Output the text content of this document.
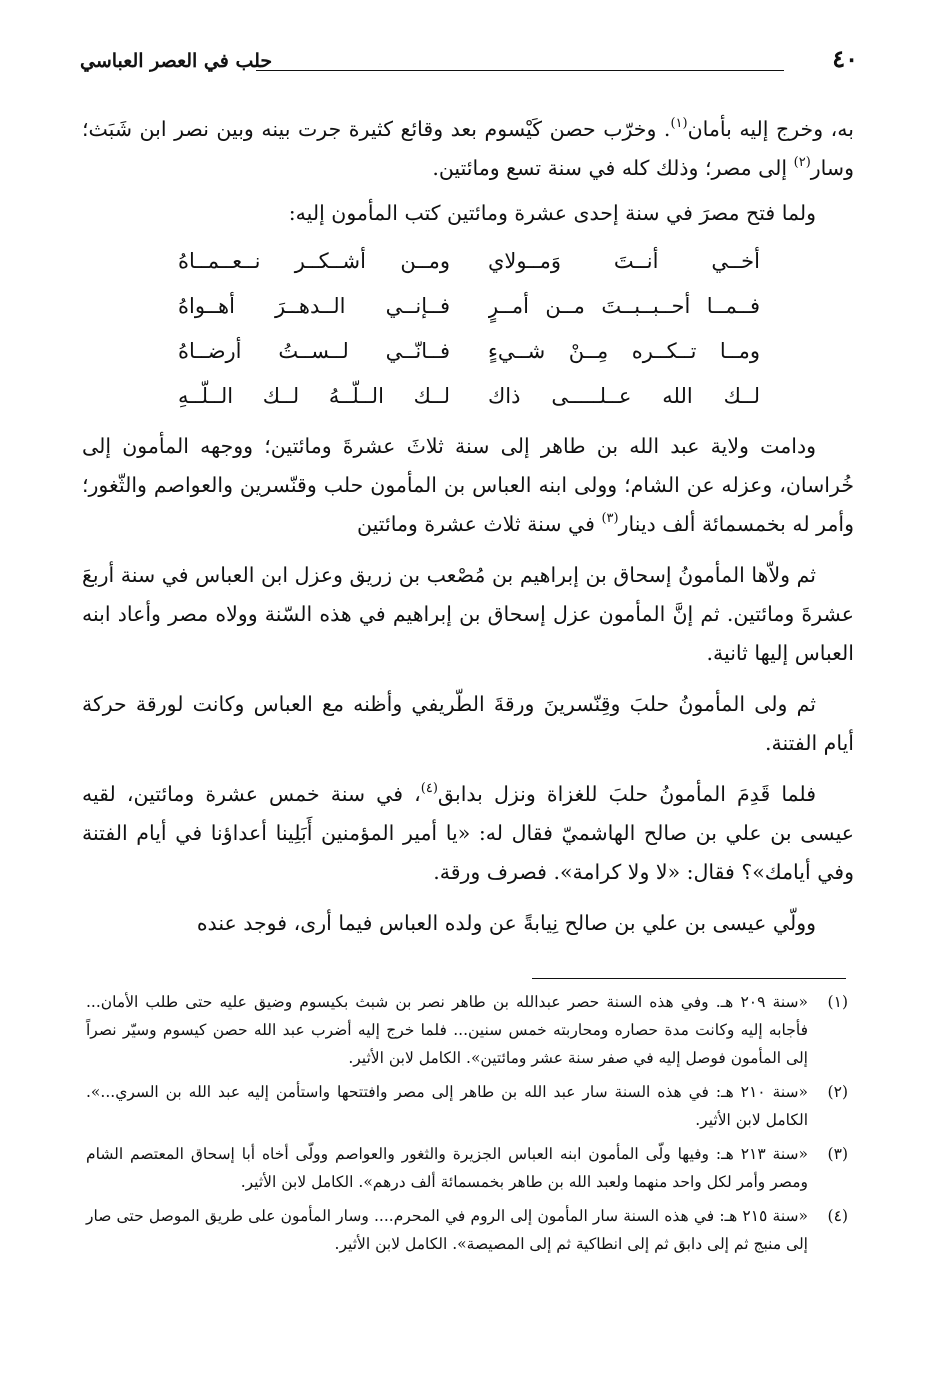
حلب في العصر العباسي	٤٠

به، وخرج إليه بأمان$^{(١)}$. وخرّب حصن كَيْسوم بعد وقائع كثيرة جرت بينه وبين نصر ابن شَبَث؛ وسار$^{(٢)}$ إلى مصر؛ وذلك كله في سنة تسع ومائتين.

ولما فتح مصرَ في سنة إحدى عشرة ومائتين كتب المأمون إليه:

أخــي أنــتَ وَمــولاي
ومــن أشــكــر نــعــمــاهُ
فــمــا أحــبــبــتَ مــن أمــرٍ
فــإنــي الــدهــرَ أهــواهُ
ومــا تــكــره مِــنْ شــيءٍ
فــانّــي لــســتُ أرضــاهُ
لــك الله عــلـــــى ذاك
لــك الــلّــهُ لــك الــلّــهِ

ودامت ولاية عبد الله بن طاهر إلى سنة ثلاثَ عشرةَ ومائتين؛ ووجهه المأمون إلى خُراسان، وعزله عن الشام؛ وولى ابنه العباس بن المأمون حلب وقنّسرين والعواصم والثّغور؛ وأمر له بخمسمائة ألف دينار$^{(٣)}$ في سنة ثلاث عشرة ومائتين

ثم ولاّها المأمونُ إسحاق بن إبراهيم بن مُصْعب بن زريق وعزل ابن العباس في سنة أربعَ عشرةَ ومائتين. ثم إنَّ المأمون عزل إسحاق بن إبراهيم في هذه السّنة وولاه مصر وأعاد ابنه العباس إليها ثانية.

ثم ولى المأمونُ حلبَ وقِنّسرينَ ورقةَ الطّريفي وأظنه مع العباس وكانت لورقة حركة أيام الفتنة.

فلما قَدِمَ المأمونُ حلبَ للغزاة ونزل بدابق$^{(٤)}$، في سنة خمس عشرة ومائتين، لقيه عيسى بن علي بن صالح الهاشميّ فقال له: «يا أمير المؤمنين أَبَلِينا أعداؤنا في أيام الفتنة وفي أيامك»؟ فقال: «لا ولا كرامة». فصرف ورقة.

وولّي عيسى بن علي بن صالح نِيابةً عن ولده العباس فيما أرى، فوجد عنده

(١)
«سنة ٢٠٩ هـ. وفي هذه السنة حصر عبدالله بن طاهر نصر بن شبث بكيسوم وضيق عليه حتى طلب الأمان... فأجابه إليه وكانت مدة حصاره ومحاربته خمس سنين... فلما خرج إليه أضرب عبد الله حصن كيسوم وسيّر نصراً إلى المأمون فوصل إليه في صفر سنة عشر ومائتين». الكامل لابن الأثير.
(٢)
«سنة ٢١٠ هـ: في هذه السنة سار عبد الله بن طاهر إلى مصر وافتتحها واستأمن إليه عبد الله بن السري...». الكامل لابن الأثير.
(٣)
«سنة ٢١٣ هـ: وفيها ولّى المأمون ابنه العباس الجزيرة والثغور والعواصم وولّى أخاه أبا إسحاق المعتصم الشام ومصر وأمر لكل واحد منهما ولعبد الله بن طاهر بخمسمائة ألف درهم». الكامل لابن الأثير.
(٤)
«سنة ٢١٥ هـ: في هذه السنة سار المأمون إلى الروم في المحرم.... وسار المأمون على طريق الموصل حتى صار إلى منبج ثم إلى دابق ثم إلى انطاكية ثم إلى المصيصة». الكامل لابن الأثير.
